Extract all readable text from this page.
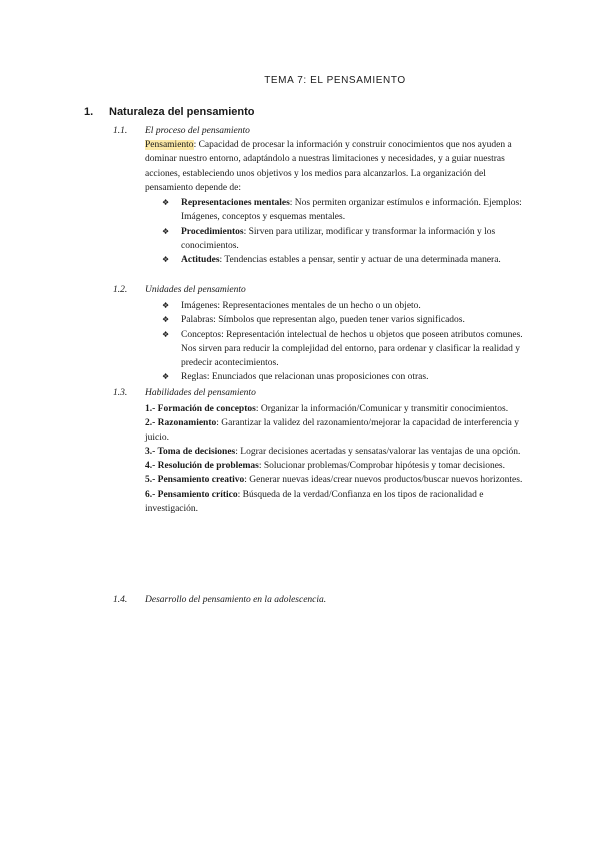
TEMA 7: EL PENSAMIENTO
1. Naturaleza del pensamiento
1.1. El proceso del pensamiento
Pensamiento: Capacidad de procesar la información y construir conocimientos que nos ayuden a dominar nuestro entorno, adaptándolo a nuestras limitaciones y necesidades, y a guiar nuestras acciones, estableciendo unos objetivos y los medios para alcanzarlos. La organización del pensamiento depende de:
❖ Representaciones mentales: Nos permiten organizar estímulos e información. Ejemplos: Imágenes, conceptos y esquemas mentales.
❖ Procedimientos: Sirven para utilizar, modificar y transformar la información y los conocimientos.
❖ Actitudes: Tendencias estables a pensar, sentir y actuar de una determinada manera.
1.2. Unidades del pensamiento
❖ Imágenes: Representaciones mentales de un hecho o un objeto.
❖ Palabras: Símbolos que representan algo, pueden tener varios significados.
❖ Conceptos: Representación intelectual de hechos u objetos que poseen atributos comunes. Nos sirven para reducir la complejidad del entorno, para ordenar y clasificar la realidad y predecir acontecimientos.
❖ Reglas: Enunciados que relacionan unas proposiciones con otras.
1.3. Habilidades del pensamiento
1.- Formación de conceptos: Organizar la información/Comunicar y transmitir conocimientos.
2.- Razonamiento: Garantizar la validez del razonamiento/mejorar la capacidad de interferencia y juicio.
3.- Toma de decisiones: Lograr decisiones acertadas y sensatas/valorar las ventajas de una opción.
4.- Resolución de problemas: Solucionar problemas/Comprobar hipótesis y tomar decisiones.
5.- Pensamiento creativo: Generar nuevas ideas/crear nuevos productos/buscar nuevos horizontes.
6.- Pensamiento crítico: Búsqueda de la verdad/Confianza en los tipos de racionalidad e investigación.
1.4. Desarrollo del pensamiento en la adolescencia.
